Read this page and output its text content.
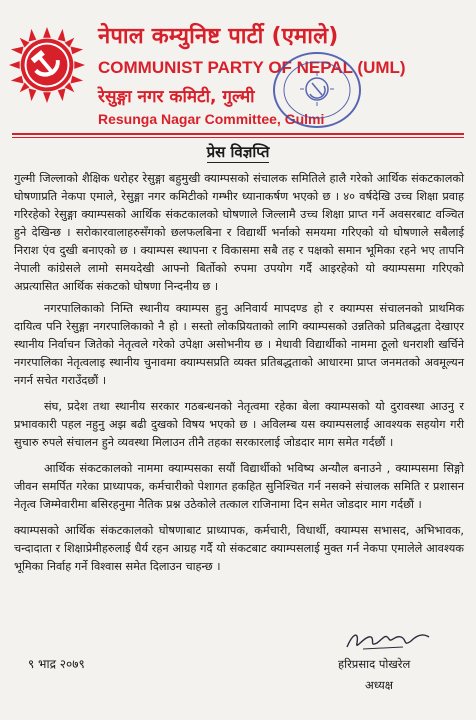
नेपाल कम्युनिष्ट पार्टी (एमाले)
COMMUNIST PARTY OF NEPAL (UML)
रेसुङ्गा नगर कमिटी, गुल्मी
Resunga Nagar Committee, Gulmi
प्रेस विज्ञप्ति

गुल्मी जिल्लाको शैक्षिक धरोहर रेसुङ्गा बहुमुखी क्याम्पसको संचालक समितिले हालै गरेको आर्थिक संकटकालको घोषणाप्रति नेकपा एमाले, रेसुङ्गा नगर कमिटीको गम्भीर ध्यानाकर्षण भएको छ । ४० वर्षदेखि उच्च शिक्षा प्रवाह गरिरहेको रेसुङ्गा क्याम्पसको आर्थिक संकटकालको घोषणाले जिल्लामै उच्च शिक्षा प्राप्त गर्ने अवसरबाट वञ्चित हुने देखिन्छ । सरोकारवालाहरुसँगको छलफलबिना र विद्यार्थी भर्नाको समयमा गरिएको यो घोषणाले सबैलाई निराश एंव दुखी बनाएको छ । क्याम्पस स्थापना र विकासमा सबै तह र पक्षको समान भूमिका रहने भए तापनि नेपाली कांग्रेसले लामो समयदेखी आफ्नो बिर्तोको रुपमा उपयोग गर्दै आइरहेको यो क्याम्पसमा गरिएको अप्रत्यासित आर्थिक संकटको घोषणा निन्दनीय छ ।

नगरपालिकाको निम्ति स्थानीय क्याम्पस हुनु अनिवार्य मापदण्ड हो र क्याम्पस संचालनको प्राथमिक दायित्व पनि रेसुङ्गा नगरपालिकाको नै हो । सस्तो लोकप्रियताको लागि क्याम्पसको उन्नतिको प्रतिबद्धता देखाएर स्थानीय निर्वाचन जितेको नेतृत्वले गरेको उपेक्षा असोभनीय छ । मेधावी विद्यार्थीको नाममा ठूलो धनराशी खर्चिने नगरपालिका नेतृत्वलाइ स्थानीय चुनावमा क्याम्पसप्रति व्यक्त प्रतिबद्धताको आधारमा प्राप्त जनमतको अवमूल्यन नगर्न सचेत गराउँदछौं ।

संघ, प्रदेश तथा स्थानीय सरकार गठबन्धनको नेतृत्वमा रहेका बेला क्याम्पसको यो दुरावस्था आउनु र प्रभावकारी पहल नहुनु अझ बढी दुखको विषय भएको छ । अविलम्ब यस क्याम्पसलाई आवश्यक सहयोग गरी सुचारु रुपले संचालन हुने व्यवस्था मिलाउन तीनै तहका सरकारलाई जोडदार माग समेत गर्दछौं ।

आर्थिक संकटकालको नाममा क्याम्पसका सयौं विद्यार्थीको भविष्य अन्यौल बनाउने , क्याम्पसमा सिङ्गो जीवन समर्पित गरेका प्राध्यापक, कर्मचारीको पेशागत हकहित सुनिश्चित गर्न नसक्ने संचालक समिति र प्रशासन नेतृत्व जिम्मेवारीमा बसिरहनुमा नैतिक प्रश्न उठेकोले तत्काल राजिनामा दिन समेत जोडदार माग गर्दछौं ।

क्याम्पसको आर्थिक संकटकालको घोषणाबाट प्राध्यापक, कर्मचारी, विधार्थी, क्याम्पस सभासद, अभिभावक, चन्दादाता र शिक्षाप्रेमीहरुलाई धैर्य रहन आग्रह गर्दै यो संकटबाट क्याम्पसलाई मुक्त गर्न नेकपा एमालेले आवश्यक भूमिका निर्वाह गर्ने विश्वास समेत दिलाउन चाहन्छ ।

९ भाद्र २०७९	हरिप्रसाद पोखरेल
अध्यक्ष
